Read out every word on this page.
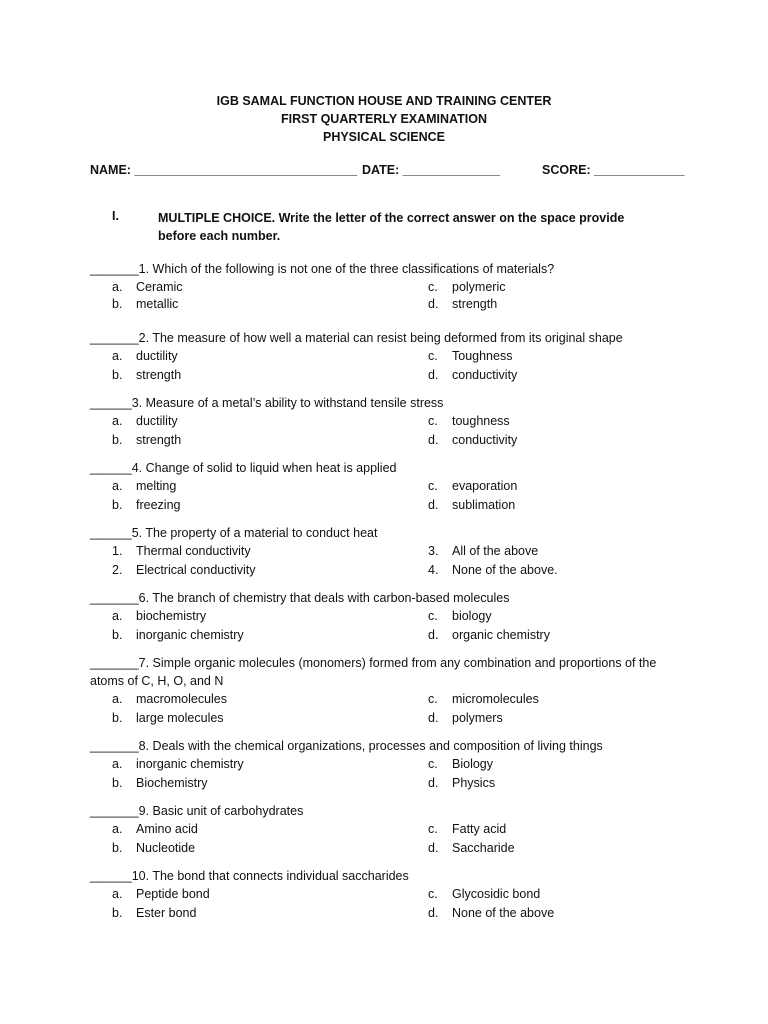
IGB SAMAL FUNCTION HOUSE AND TRAINING CENTER
FIRST QUARTERLY EXAMINATION
PHYSICAL SCIENCE
NAME: ________________________________ DATE: ______________	SCORE: _____________
I.	MULTIPLE CHOICE. Write the letter of the correct answer on the space provide before each number.
_______1. Which of the following is not one of the three classifications of materials?
a. Ceramic
b. metallic
c. polymeric
d. strength
_______2. The measure of how well a material can resist being deformed from its original shape
a. ductility
b. strength
c. Toughness
d. conductivity
______3. Measure of a metal’s ability to withstand tensile stress
a. ductility
b. strength
c. toughness
d. conductivity
______4. Change of solid to liquid when heat is applied
a. melting
b. freezing
c. evaporation
d. sublimation
______5. The property of a material to conduct heat
1. Thermal conductivity
2. Electrical conductivity
3. All of the above
4. None of the above.
_______6. The branch of chemistry that deals with carbon-based molecules
a. biochemistry
b. inorganic chemistry
c. biology
d. organic chemistry
_______7. Simple organic molecules (monomers) formed from any combination and proportions of the
atoms of C, H, O, and N
a. macromolecules
b. large molecules
c. micromolecules
d. polymers
_______8. Deals with the chemical organizations, processes and composition of living things
a. inorganic chemistry
b. Biochemistry
c. Biology
d. Physics
_______9. Basic unit of carbohydrates
a. Amino acid
b. Nucleotide
c. Fatty acid
d. Saccharide
______10. The bond that connects individual saccharides
a. Peptide bond
b. Ester bond
c. Glycosidic bond
d. None of the above
